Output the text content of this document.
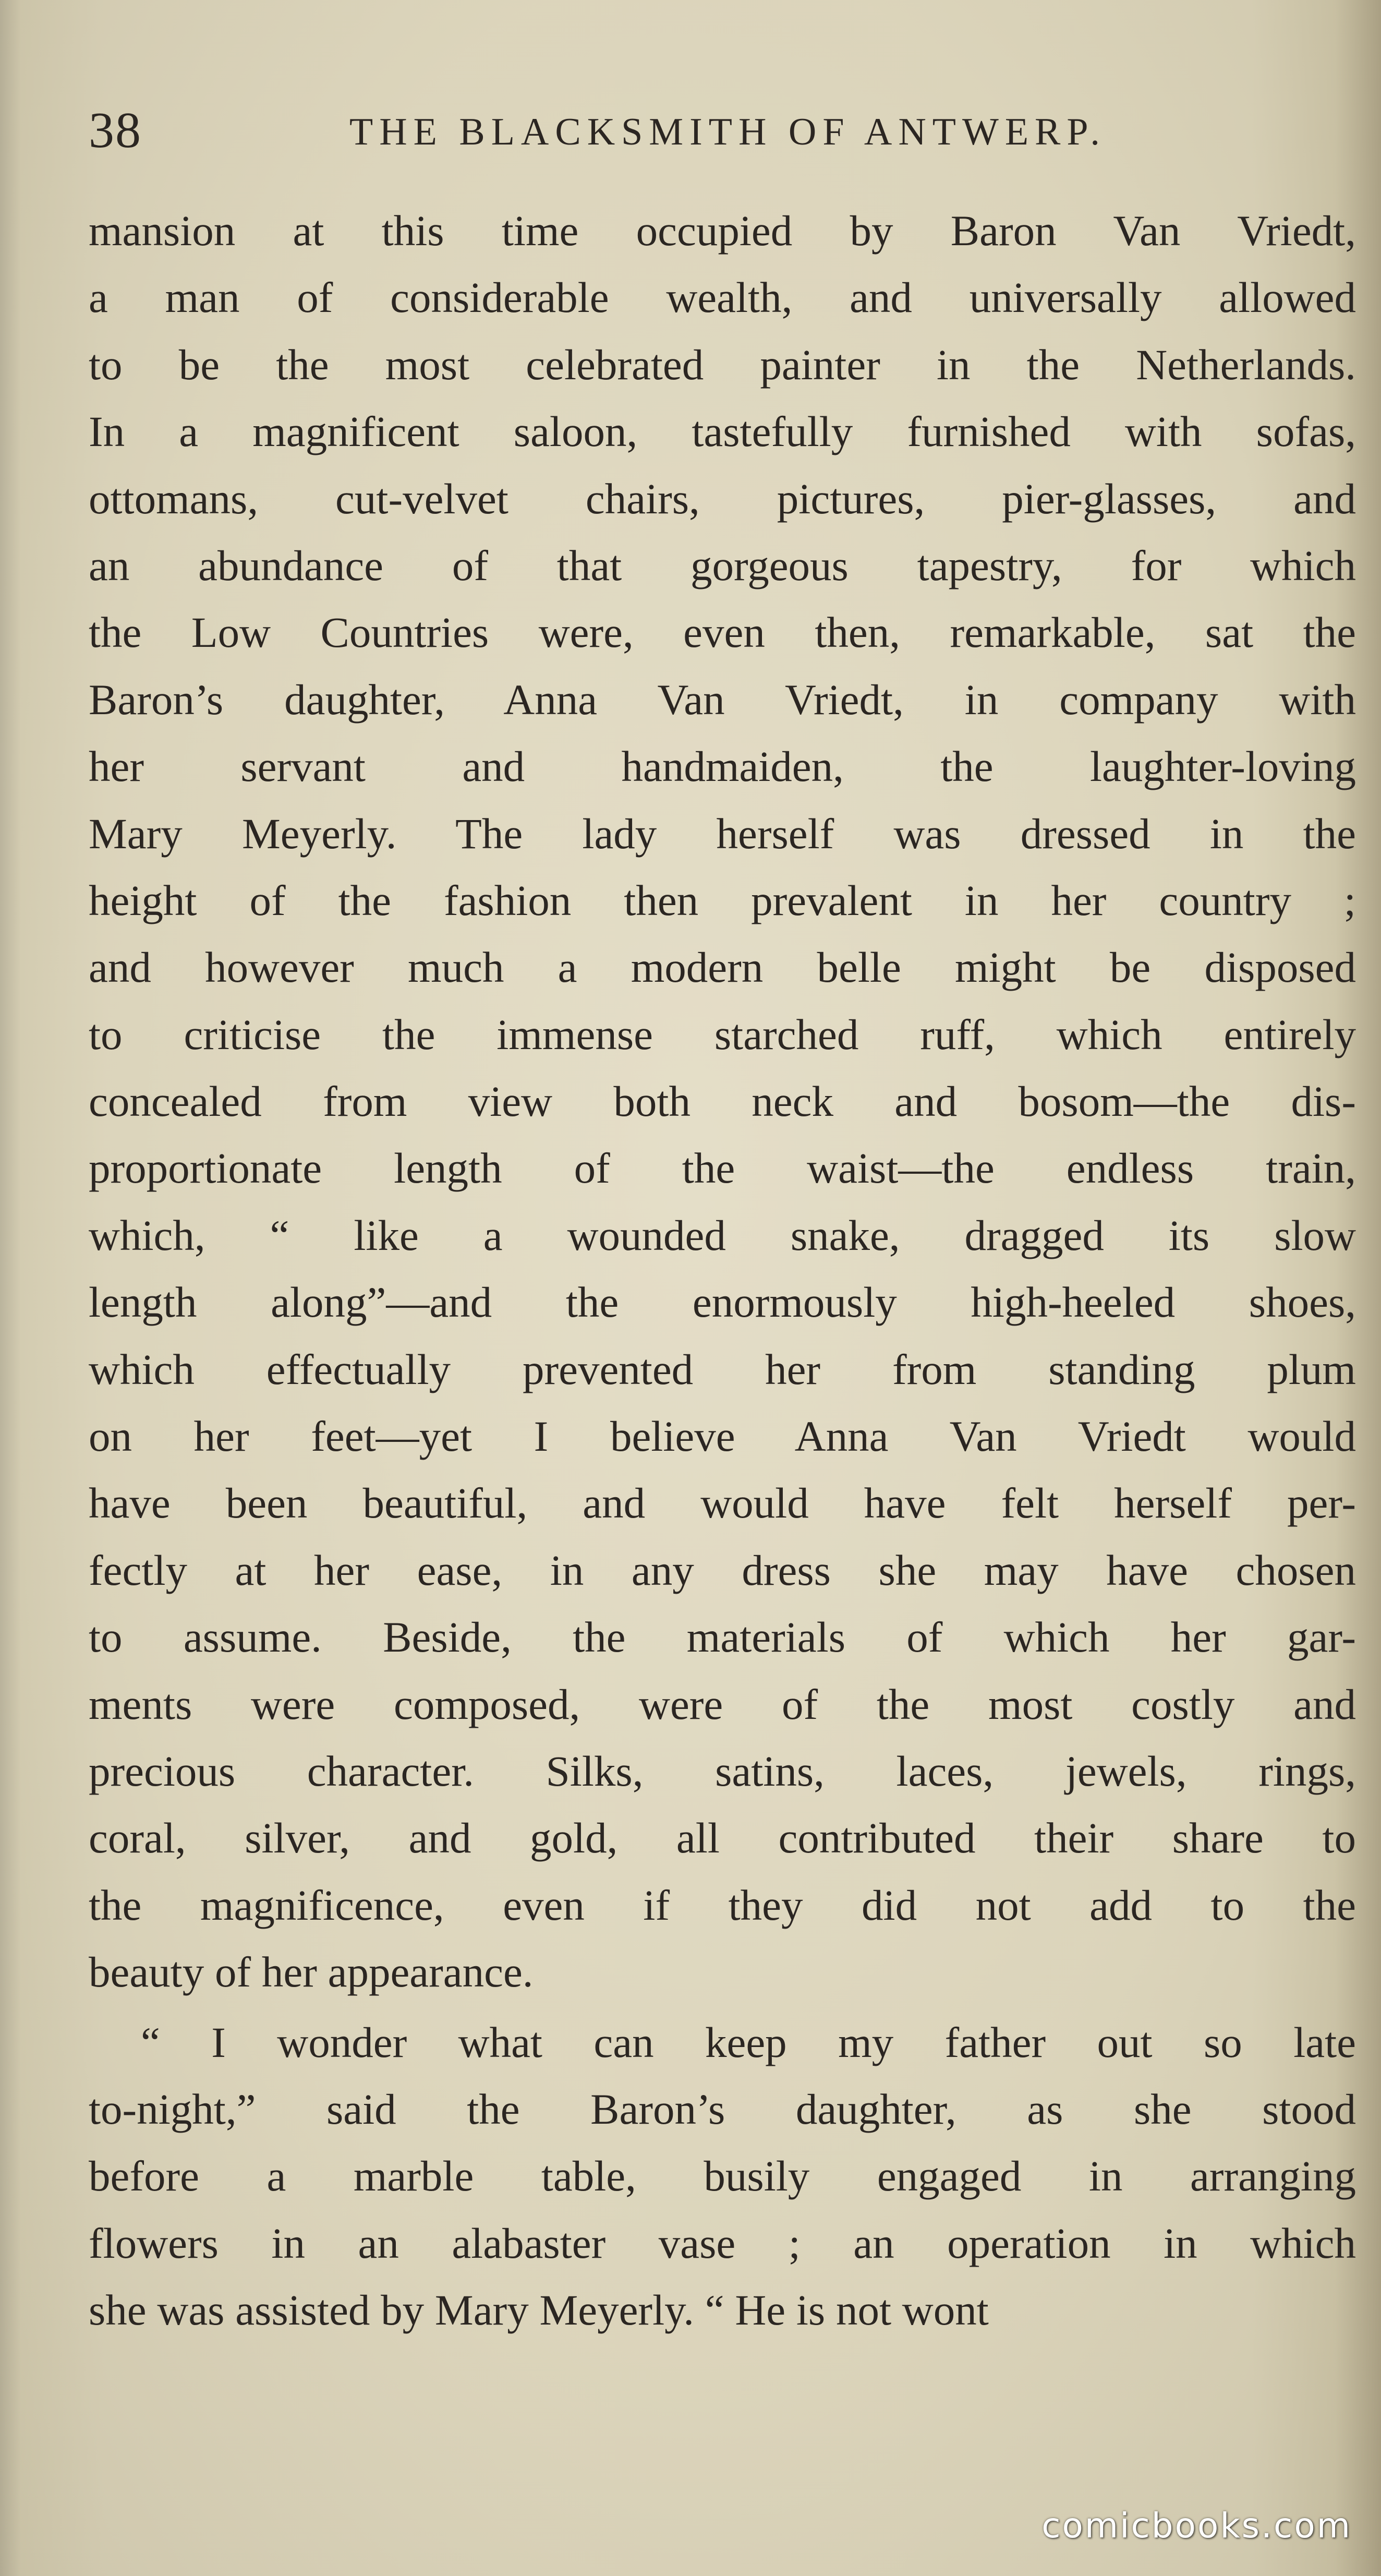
38	THE BLACKSMITH OF ANTWERP.
mansion at this time occupied by Baron Van Vriedt,
a man of considerable wealth, and universally allowed
to be the most celebrated painter in the Netherlands.
In a magnificent saloon, tastefully furnished with sofas,
ottomans, cut-velvet chairs, pictures, pier-glasses, and
an abundance of that gorgeous tapestry, for which
the Low Countries were, even then, remarkable, sat the
Baron’s daughter, Anna Van Vriedt, in company with
her servant and handmaiden, the laughter-loving
Mary Meyerly. The lady herself was dressed in the
height of the fashion then prevalent in her country ;
and however much a modern belle might be disposed
to criticise the immense starched ruff, which entirely
concealed from view both neck and bosom—the dis-
proportionate length of the waist—the endless train,
which, “ like a wounded snake, dragged its slow
length along”—and the enormously high-heeled shoes,
which effectually prevented her from standing plum
on her feet—yet I believe Anna Van Vriedt would
have been beautiful, and would have felt herself per-
fectly at her ease, in any dress she may have chosen
to assume. Beside, the materials of which her gar-
ments were composed, were of the most costly and
precious character. Silks, satins, laces, jewels, rings,
coral, silver, and gold, all contributed their share to
the magnificence, even if they did not add to the
beauty of her appearance.
“ I wonder what can keep my father out so late
to-night,” said the Baron’s daughter, as she stood
before a marble table, busily engaged in arranging
flowers in an alabaster vase ; an operation in which
she was assisted by Mary Meyerly. “ He is not wont
comicbooks.com
